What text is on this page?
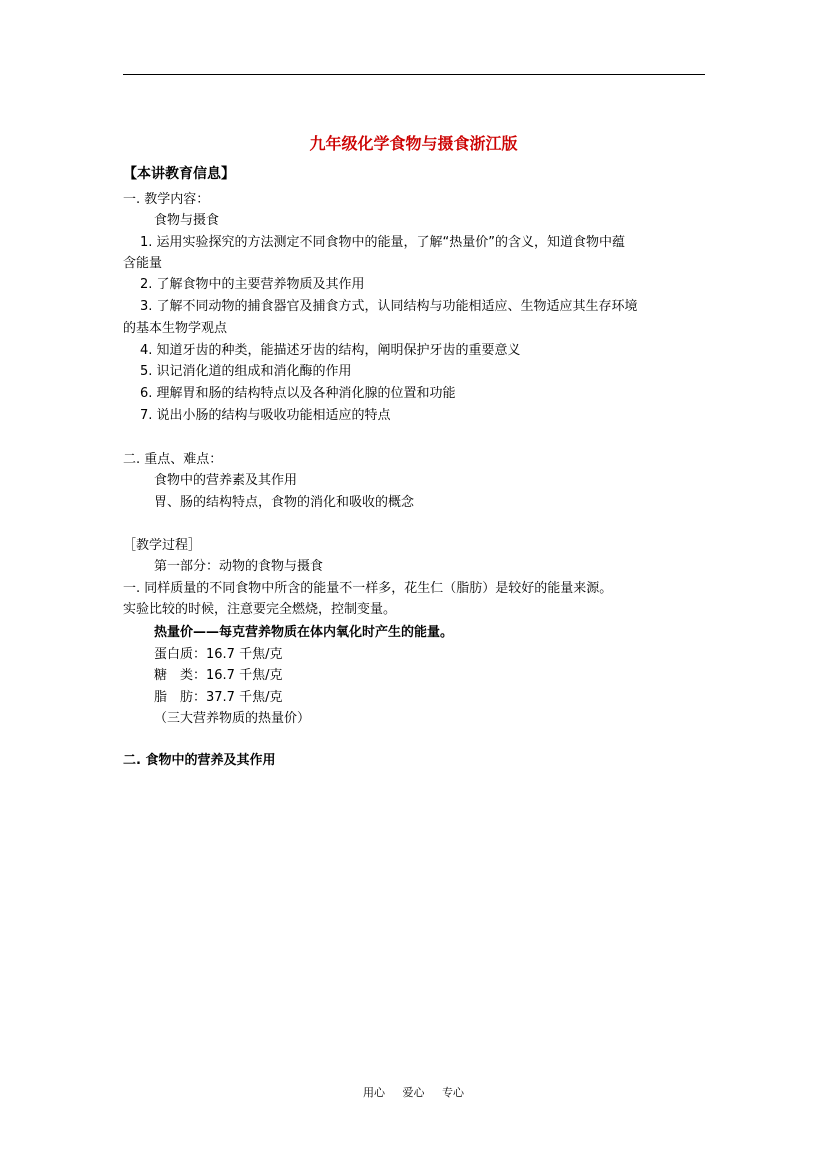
九年级化学食物与摄食浙江版
【本讲教育信息】
一. 教学内容：
食物与摄食
1. 运用实验探究的方法测定不同食物中的能量，了解“热量价”的含义，知道食物中蕴
含能量
2. 了解食物中的主要营养物质及其作用
3. 了解不同动物的捕食器官及捕食方式，认同结构与功能相适应、生物适应其生存环境
的基本生物学观点
4. 知道牙齿的种类，能描述牙齿的结构，阐明保护牙齿的重要意义
5. 识记消化道的组成和消化酶的作用
6. 理解胃和肠的结构特点以及各种消化腺的位置和功能
7. 说出小肠的结构与吸收功能相适应的特点
二. 重点、难点：
食物中的营养素及其作用
胃、肠的结构特点，食物的消化和吸收的概念
［教学过程］
第一部分：动物的食物与摄食
一. 同样质量的不同食物中所含的能量不一样多，花生仁（脂肪）是较好的能量来源。
实验比较的时候，注意要完全燃烧，控制变量。
热量价——每克营养物质在体内氧化时产生的能量。
蛋白质：16.7 千焦/克
糖　类：16.7 千焦/克
脂　肪：37.7 千焦/克
（三大营养物质的热量价）
二. 食物中的营养及其作用
用心 爱心 专心
